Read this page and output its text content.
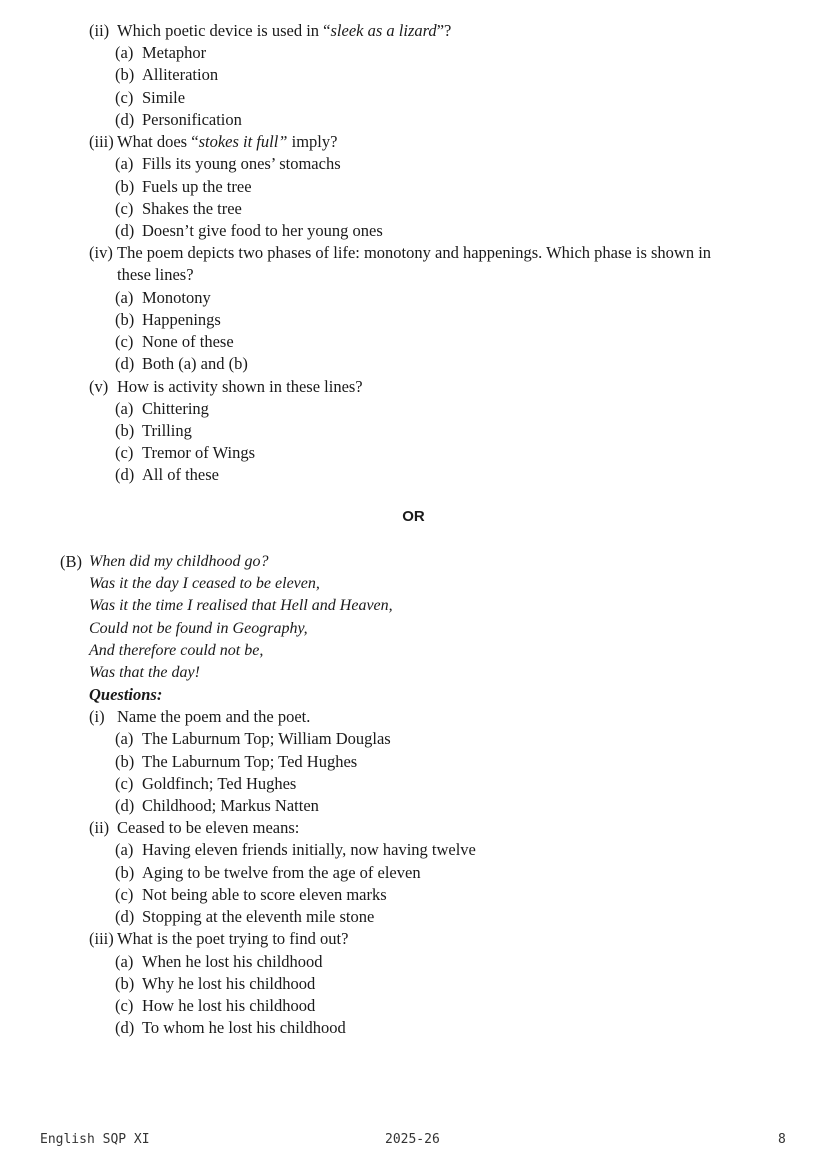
(ii) Which poetic device is used in “sleek as a lizard”?
(a) Metaphor
(b) Alliteration
(c) Simile
(d) Personification
(iii) What does “stokes it full” imply?
(a) Fills its young ones’ stomachs
(b) Fuels up the tree
(c) Shakes the tree
(d) Doesn’t give food to her young ones
(iv) The poem depicts two phases of life: monotony and happenings. Which phase is shown in
these lines?
(a) Monotony
(b) Happenings
(c) None of these
(d) Both (a) and (b)
(v) How is activity shown in these lines?
(a) Chittering
(b) Trilling
(c) Tremor of Wings
(d) All of these
OR
(B) When did my childhood go?
Was it the day I ceased to be eleven,
Was it the time I realised that Hell and Heaven,
Could not be found in Geography,
And therefore could not be,
Was that the day!
Questions:
(i) Name the poem and the poet.
(a) The Laburnum Top; William Douglas
(b) The Laburnum Top; Ted Hughes
(c) Goldfinch; Ted Hughes
(d) Childhood; Markus Natten
(ii) Ceased to be eleven means:
(a) Having eleven friends initially, now having twelve
(b) Aging to be twelve from the age of eleven
(c) Not being able to score eleven marks
(d) Stopping at the eleventh mile stone
(iii) What is the poet trying to find out?
(a) When he lost his childhood
(b) Why he lost his childhood
(c) How he lost his childhood
(d) To whom he lost his childhood
English SQP XI	2025-26	8
